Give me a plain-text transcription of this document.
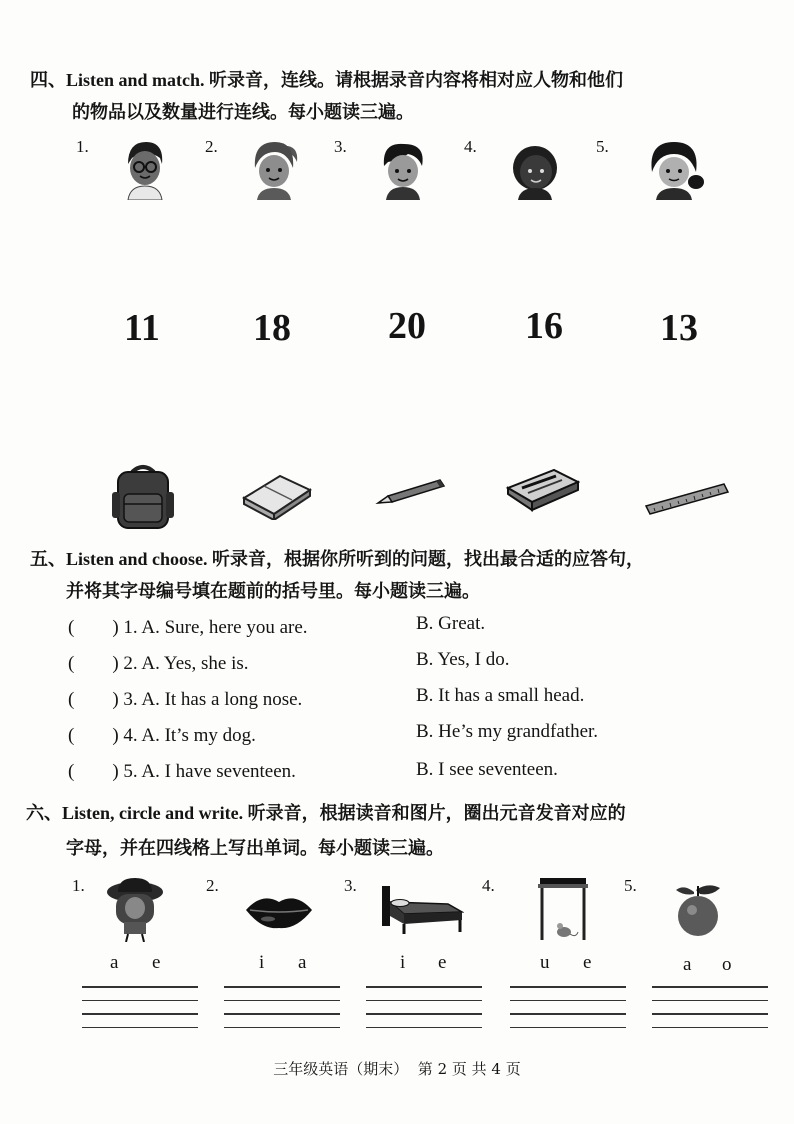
四、Listen and match. 听录音，连线。请根据录音内容将相对应人物和他们
的物品以及数量进行连线。每小题读三遍。
1.	2.	3.	4.	5.
11 18	20	16	13
五、Listen and choose. 听录音，根据你所听到的问题，找出最合适的应答句，
并将其字母编号填在题前的括号里。每小题读三遍。
(        ) 1. A. Sure, here you are.	B. Great.
(        ) 2. A. Yes, she is.	B. Yes, I do.
(        ) 3. A. It has a long nose.	B. It has a small head.
(        ) 4. A. It’s my dog.	B. He’s my grandfather.
(        ) 5. A. I have seventeen.	B. I see seventeen.
六、Listen, circle and write. 听录音，根据读音和图片，圈出元音发音对应的
字母，并在四线格上写出单词。每小题读三遍。
1.
a e
2.
i a
3.
i e
4.
u e
5.
a o
三年级英语（期末）  第 2 页 共 4 页
